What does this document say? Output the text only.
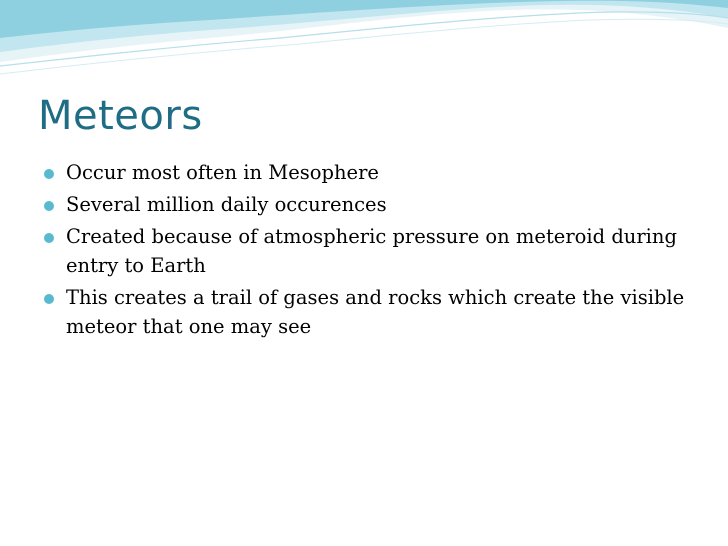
Meteors
Occur most often in Mesophere
Several million daily occurences
Created because of atmospheric pressure on meteroid during entry to Earth
This creates a trail of gases and rocks which create the visible meteor that one may see
